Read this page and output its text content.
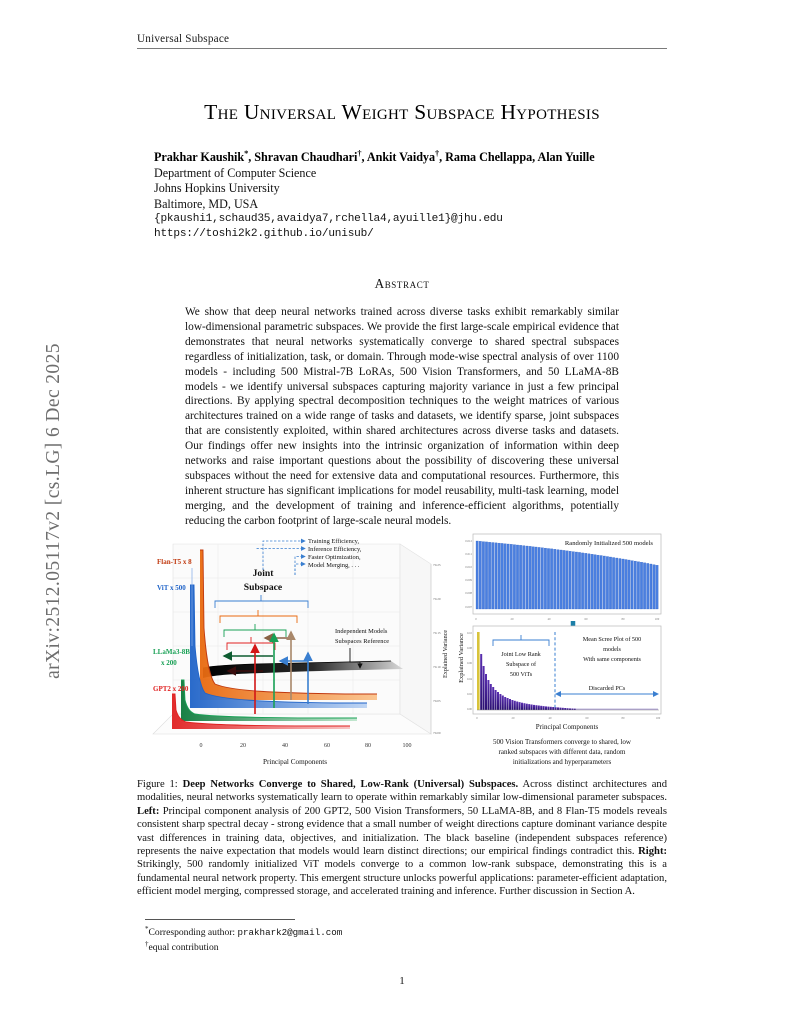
arXiv:2512.05117v2 [cs.LG] 6 Dec 2025
Universal Subspace
The Universal Weight Subspace Hypothesis
Prakhar Kaushik*, Shravan Chaudhari†, Ankit Vaidya†, Rama Chellappa, Alan Yuille
Department of Computer Science
Johns Hopkins University
Baltimore, MD, USA
{pkaushi1,schaud35,avaidya7,rchella4,ayuille1}@jhu.edu
https://toshi2k2.github.io/unisub/
Abstract
We show that deep neural networks trained across diverse tasks exhibit remarkably similar low-dimensional parametric subspaces. We provide the first large-scale empirical evidence that demonstrates that neural networks systematically converge to shared spectral subspaces regardless of initialization, task, or domain. Through mode-wise spectral analysis of over 1100 models - including 500 Mistral-7B LoRAs, 500 Vision Transformers, and 50 LLaMA-8B models - we identify universal subspaces capturing majority variance in just a few principal directions. By applying spectral decomposition techniques to the weight matrices of various architectures trained on a wide range of tasks and datasets, we identify sparse, joint subspaces that are consistently exploited, within shared architectures across diverse tasks and datasets. Our findings offer new insights into the intrinsic organization of information within deep networks and raise important questions about the possibility of discovering these universal subspaces without the need for extensive data and computational resources. Furthermore, this inherent structure has significant implications for model reusability, multi-task learning, model merging, and the development of training and inference-efficient algorithms, potentially reducing the carbon footprint of large-scale neural models.
70.25
70.20
70.15
70.10
70.05
70.00
Explained Variance
Joint
Subspace
Training Efficiency,
Inference Efficiency,
Faster Optimization,
Model Merging, . . .
Independent Models
Subspaces Reference
Flan-T5 x 8
ViT x 500
LLaMa3-8B
x 200
GPT2 x 200
0	20	40	60	80	100
Principal Components
Explained Variance
Randomly Initialized 500 models
0.012
0.011
0.010
0.009
0.008
0.007
0	20	40	60	80	100
Joint Low Rank
Subspace of
500 ViTs
Mean Scree Plot of 500
models
With same components
Discarded PCs
0.10
0.08
0.06
0.04
0.02
0.00
0	20	40	60	80	100
Principal Components
500 Vision Transformers converge to shared, low
ranked subspaces with different data, random
initializations and hyperparameters
Figure 1: Deep Networks Converge to Shared, Low-Rank (Universal) Subspaces. Across distinct architectures and modalities, neural networks systematically learn to operate within remarkably similar low-dimensional parameter subspaces. Left: Principal component analysis of 200 GPT2, 500 Vision Transformers, 50 LLaMA-8B, and 8 Flan-T5 models reveals consistent sharp spectral decay - strong evidence that a small number of weight directions capture dominant variance despite vast differences in training data, objectives, and initialization. The black baseline (independent subspaces reference) represents the naive expectation that models would learn distinct directions; our empirical findings contradict this. Right: Strikingly, 500 randomly initialized ViT models converge to a common low-rank subspace, demonstrating this is a fundamental neural network property. This emergent structure unlocks powerful applications: parameter-efficient adaptation, efficient model merging, compressed storage, and accelerated training and inference. Further discussion in Section A.
*Corresponding author: prakhark2@gmail.com
†equal contribution
1
